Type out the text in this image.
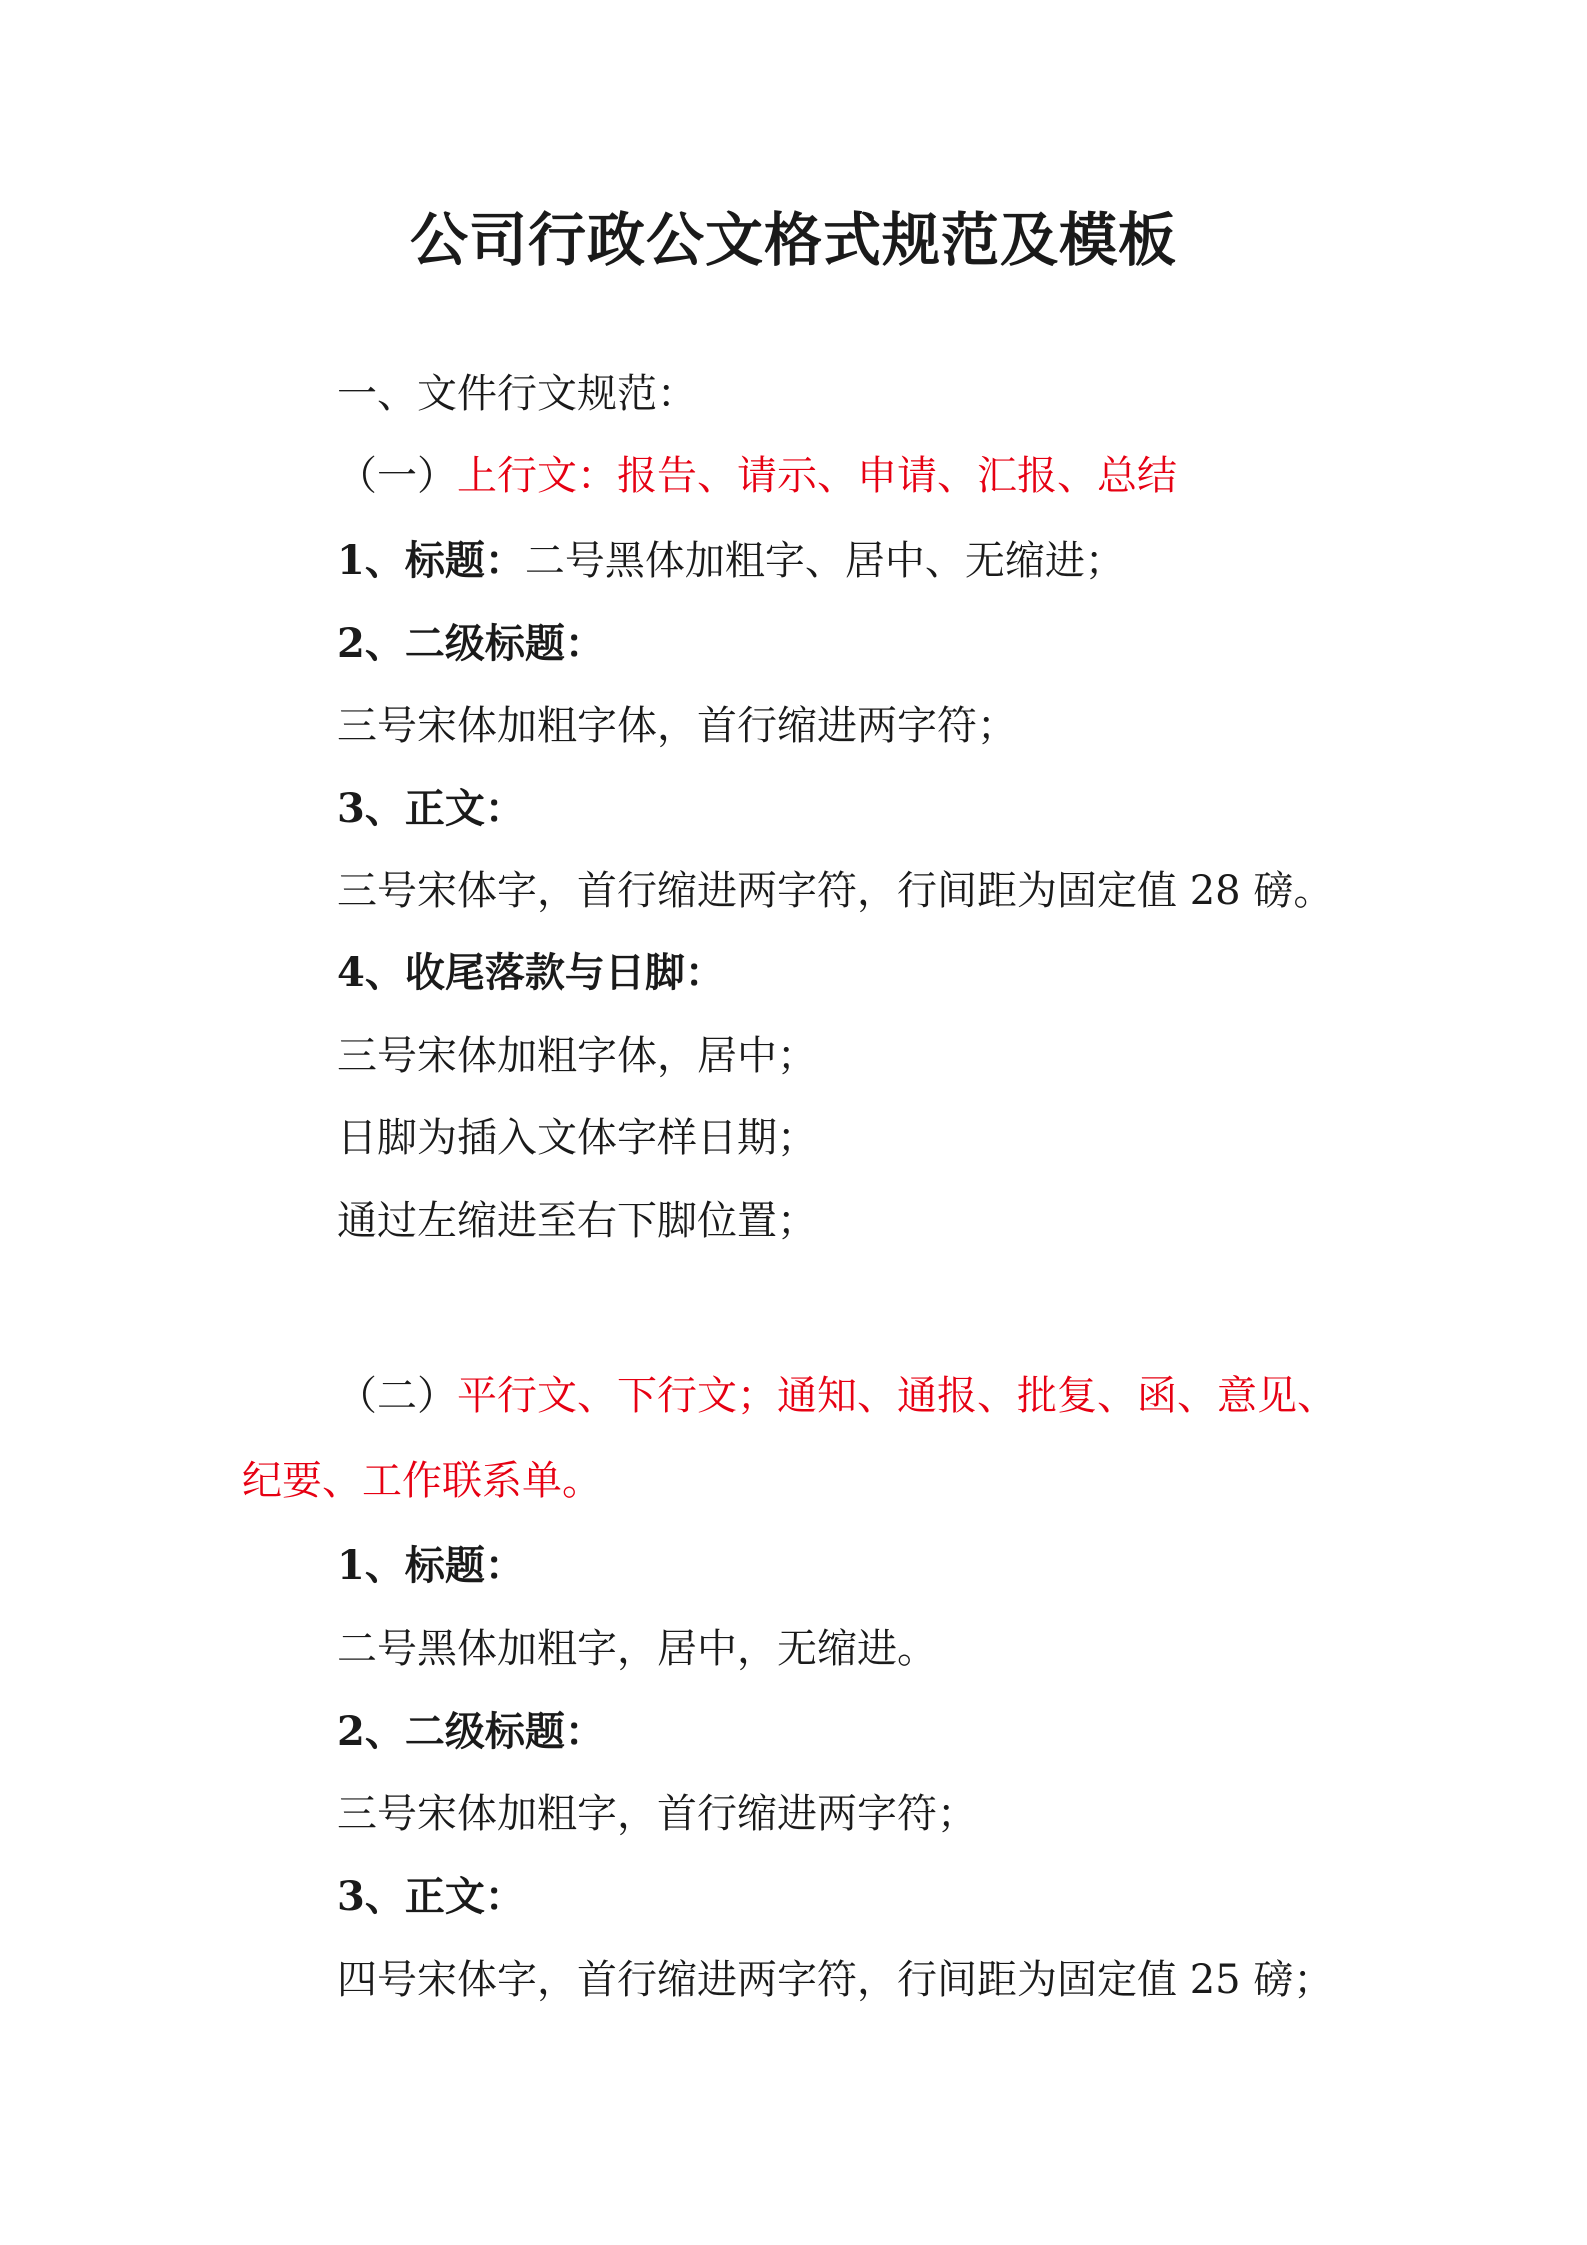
公司行政公文格式规范及模板
一、文件行文规范：
（一）上行文：报告、请示、申请、汇报、总结
1、标题：二号黑体加粗字、居中、无缩进；
2、二级标题：
三号宋体加粗字体，首行缩进两字符；
3、正文：
三号宋体字，首行缩进两字符，行间距为固定值 28 磅。
4、收尾落款与日脚：
三号宋体加粗字体，居中；
日脚为插入文体字样日期；
通过左缩进至右下脚位置；
（二）平行文、下行文；通知、通报、批复、函、意见、
纪要、工作联系单。
1、标题：
二号黑体加粗字，居中，无缩进。
2、二级标题：
三号宋体加粗字，首行缩进两字符；
3、正文：
四号宋体字，首行缩进两字符，行间距为固定值 25 磅；
